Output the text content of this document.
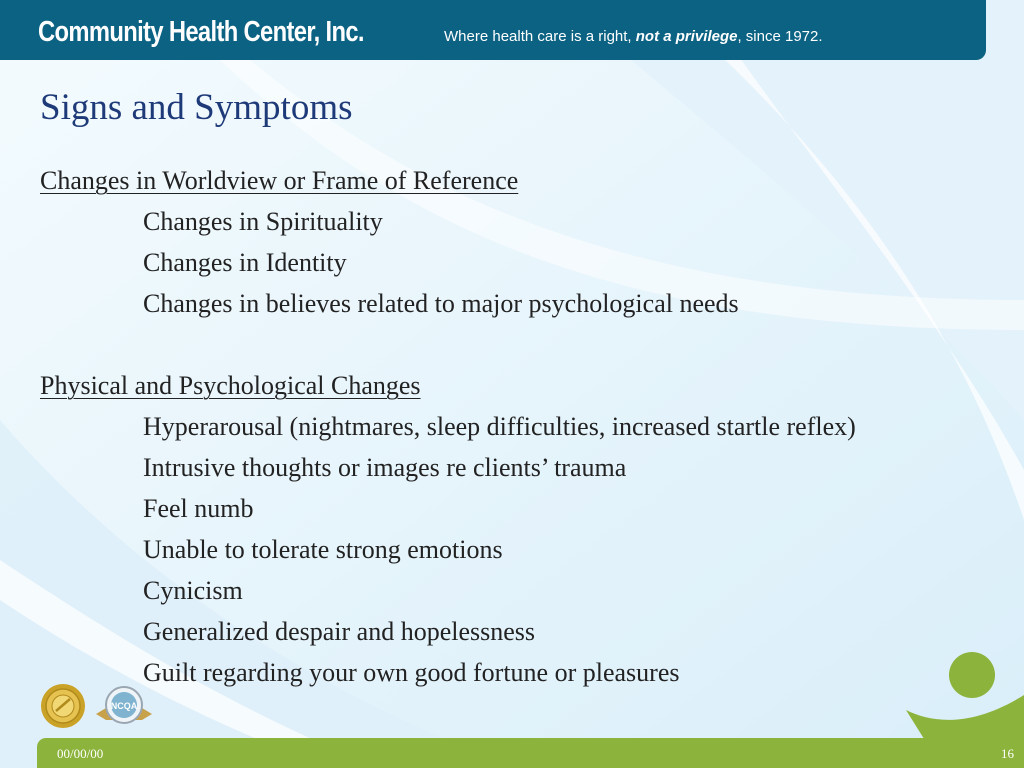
Community Health Center, Inc.	Where health care is a right, not a privilege, since 1972.
Signs and Symptoms
Changes in Worldview or Frame of Reference
Changes in Spirituality
Changes in Identity
Changes in believes related to major psychological needs
Physical and Psychological Changes
Hyperarousal (nightmares, sleep difficulties, increased startle reflex)
Intrusive thoughts or images re clients’ trauma
Feel numb
Unable to tolerate strong emotions
Cynicism
Generalized despair and hopelessness
Guilt regarding your own good fortune or pleasures
NCQA
00/00/00	16
